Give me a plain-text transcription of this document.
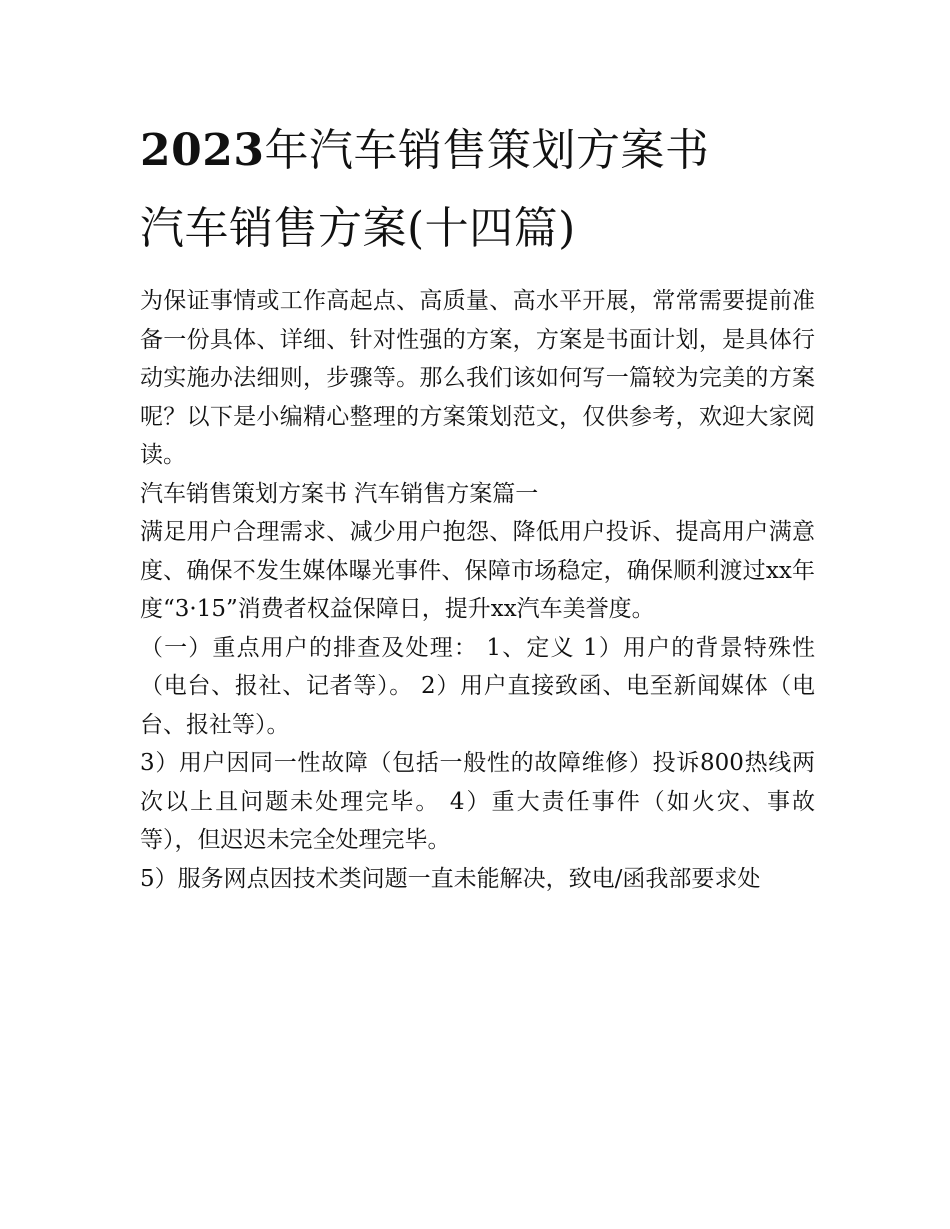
2023年汽车销售策划方案书
汽车销售方案(十四篇)

为保证事情或工作高起点、高质量、高水平开展，常常需要提前准备一份具体、详细、针对性强的方案，方案是书面计划，是具体行动实施办法细则，步骤等。那么我们该如何写一篇较为完美的方案呢？以下是小编精心整理的方案策划范文，仅供参考，欢迎大家阅读。

汽车销售策划方案书 汽车销售方案篇一

满足用户合理需求、减少用户抱怨、降低用户投诉、提高用户满意度、确保不发生媒体曝光事件、保障市场稳定，确保顺利渡过xx年度“3·15”消费者权益保障日，提升xx汽车美誉度。

（一）重点用户的排查及处理： 1、定义 1）用户的背景特殊性（电台、报社、记者等）。 2）用户直接致函、电至新闻媒体（电台、报社等）。

3）用户因同一性故障（包括一般性的故障维修）投诉800热线两次以上且问题未处理完毕。 4）重大责任事件（如火灾、事故等），但迟迟未完全处理完毕。

5）服务网点因技术类问题一直未能解决，致电/函我部要求处
